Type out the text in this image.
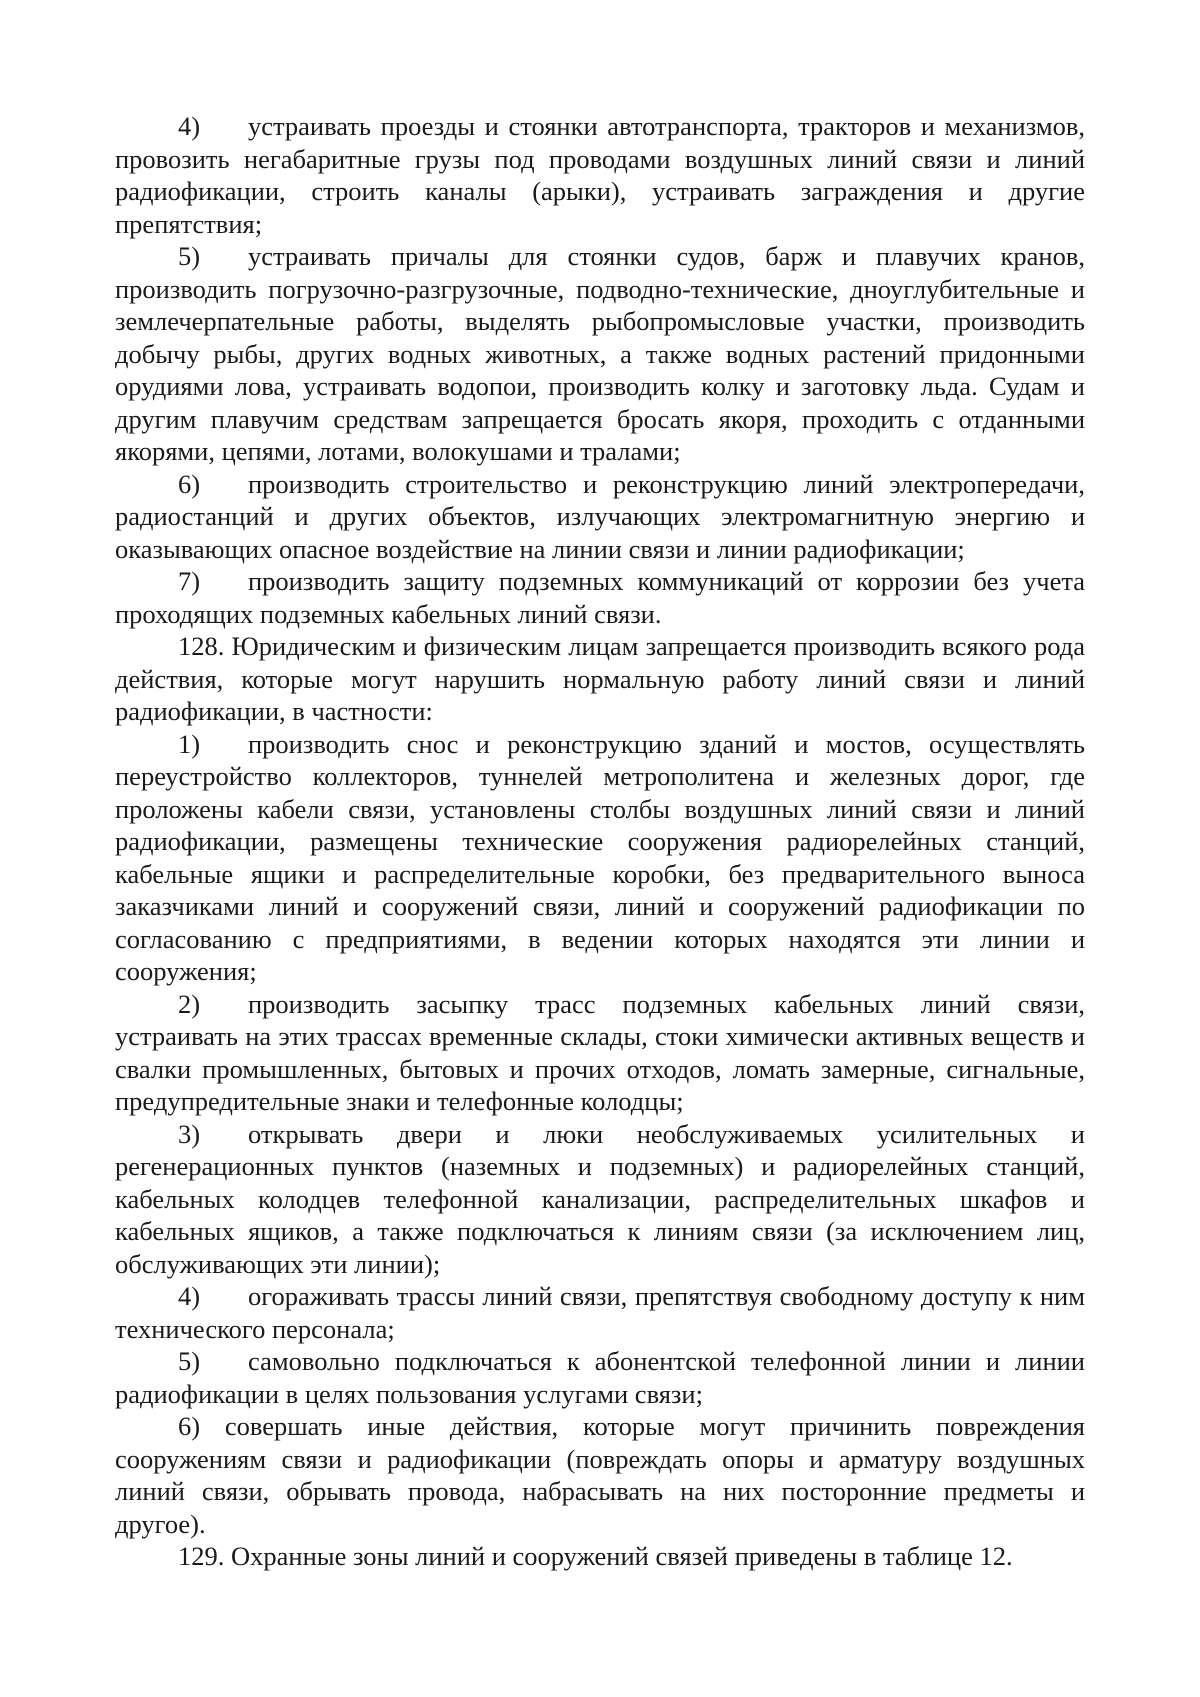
4) устраивать проезды и стоянки автотранспорта, тракторов и механизмов, провозить негабаритные грузы под проводами воздушных линий связи и линий радиофикации, строить каналы (арыки), устраивать заграждения и другие препятствия;

5) устраивать причалы для стоянки судов, барж и плавучих кранов, производить погрузочно-разгрузочные, подводно-технические, дноуглубительные и землечерпательные работы, выделять рыбопромысловые участки, производить добычу рыбы, других водных животных, а также водных растений придонными орудиями лова, устраивать водопои, производить колку и заготовку льда. Судам и другим плавучим средствам запрещается бросать якоря, проходить с отданными якорями, цепями, лотами, волокушами и тралами;

6) производить строительство и реконструкцию линий электропередачи, радиостанций и других объектов, излучающих электромагнитную энергию и оказывающих опасное воздействие на линии связи и линии радиофикации;

7) производить защиту подземных коммуникаций от коррозии без учета проходящих подземных кабельных линий связи.

128. Юридическим и физическим лицам запрещается производить всякого рода действия, которые могут нарушить нормальную работу линий связи и линий радиофикации, в частности:

1) производить снос и реконструкцию зданий и мостов, осуществлять переустройство коллекторов, туннелей метрополитена и железных дорог, где проложены кабели связи, установлены столбы воздушных линий связи и линий радиофикации, размещены технические сооружения радиорелейных станций, кабельные ящики и распределительные коробки, без предварительного выноса заказчиками линий и сооружений связи, линий и сооружений радиофикации по согласованию с предприятиями, в ведении которых находятся эти линии и сооружения;

2) производить засыпку трасс подземных кабельных линий связи, устраивать на этих трассах временные склады, стоки химически активных веществ и свалки промышленных, бытовых и прочих отходов, ломать замерные, сигнальные, предупредительные знаки и телефонные колодцы;

3) открывать двери и люки необслуживаемых усилительных и регенерационных пунктов (наземных и подземных) и радиорелейных станций, кабельных колодцев телефонной канализации, распределительных шкафов и кабельных ящиков, а также подключаться к линиям связи (за исключением лиц, обслуживающих эти линии);

4) огораживать трассы линий связи, препятствуя свободному доступу к ним технического персонала;

5) самовольно подключаться к абонентской телефонной линии и линии радиофикации в целях пользования услугами связи;

6) совершать иные действия, которые могут причинить повреждения сооружениям связи и радиофикации (повреждать опоры и арматуру воздушных линий связи, обрывать провода, набрасывать на них посторонние предметы и другое).

129. Охранные зоны линий и сооружений связей приведены в таблице 12.
